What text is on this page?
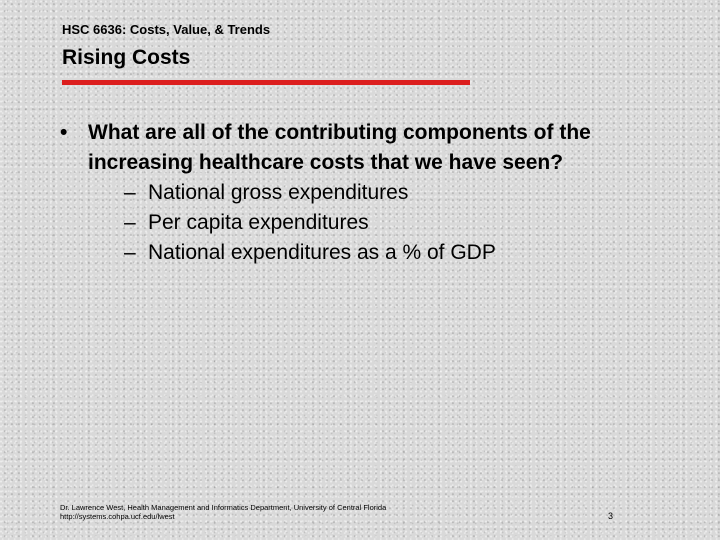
HSC 6636: Costs, Value, & Trends
Rising Costs
• What are all of the contributing components of the increasing healthcare costs that we have seen?
– National gross expenditures
– Per capita expenditures
– National expenditures as a % of GDP
Dr. Lawrence West, Health Management and Informatics Department, University of Central Florida
http://systems.cohpa.ucf.edu/lwest	3
